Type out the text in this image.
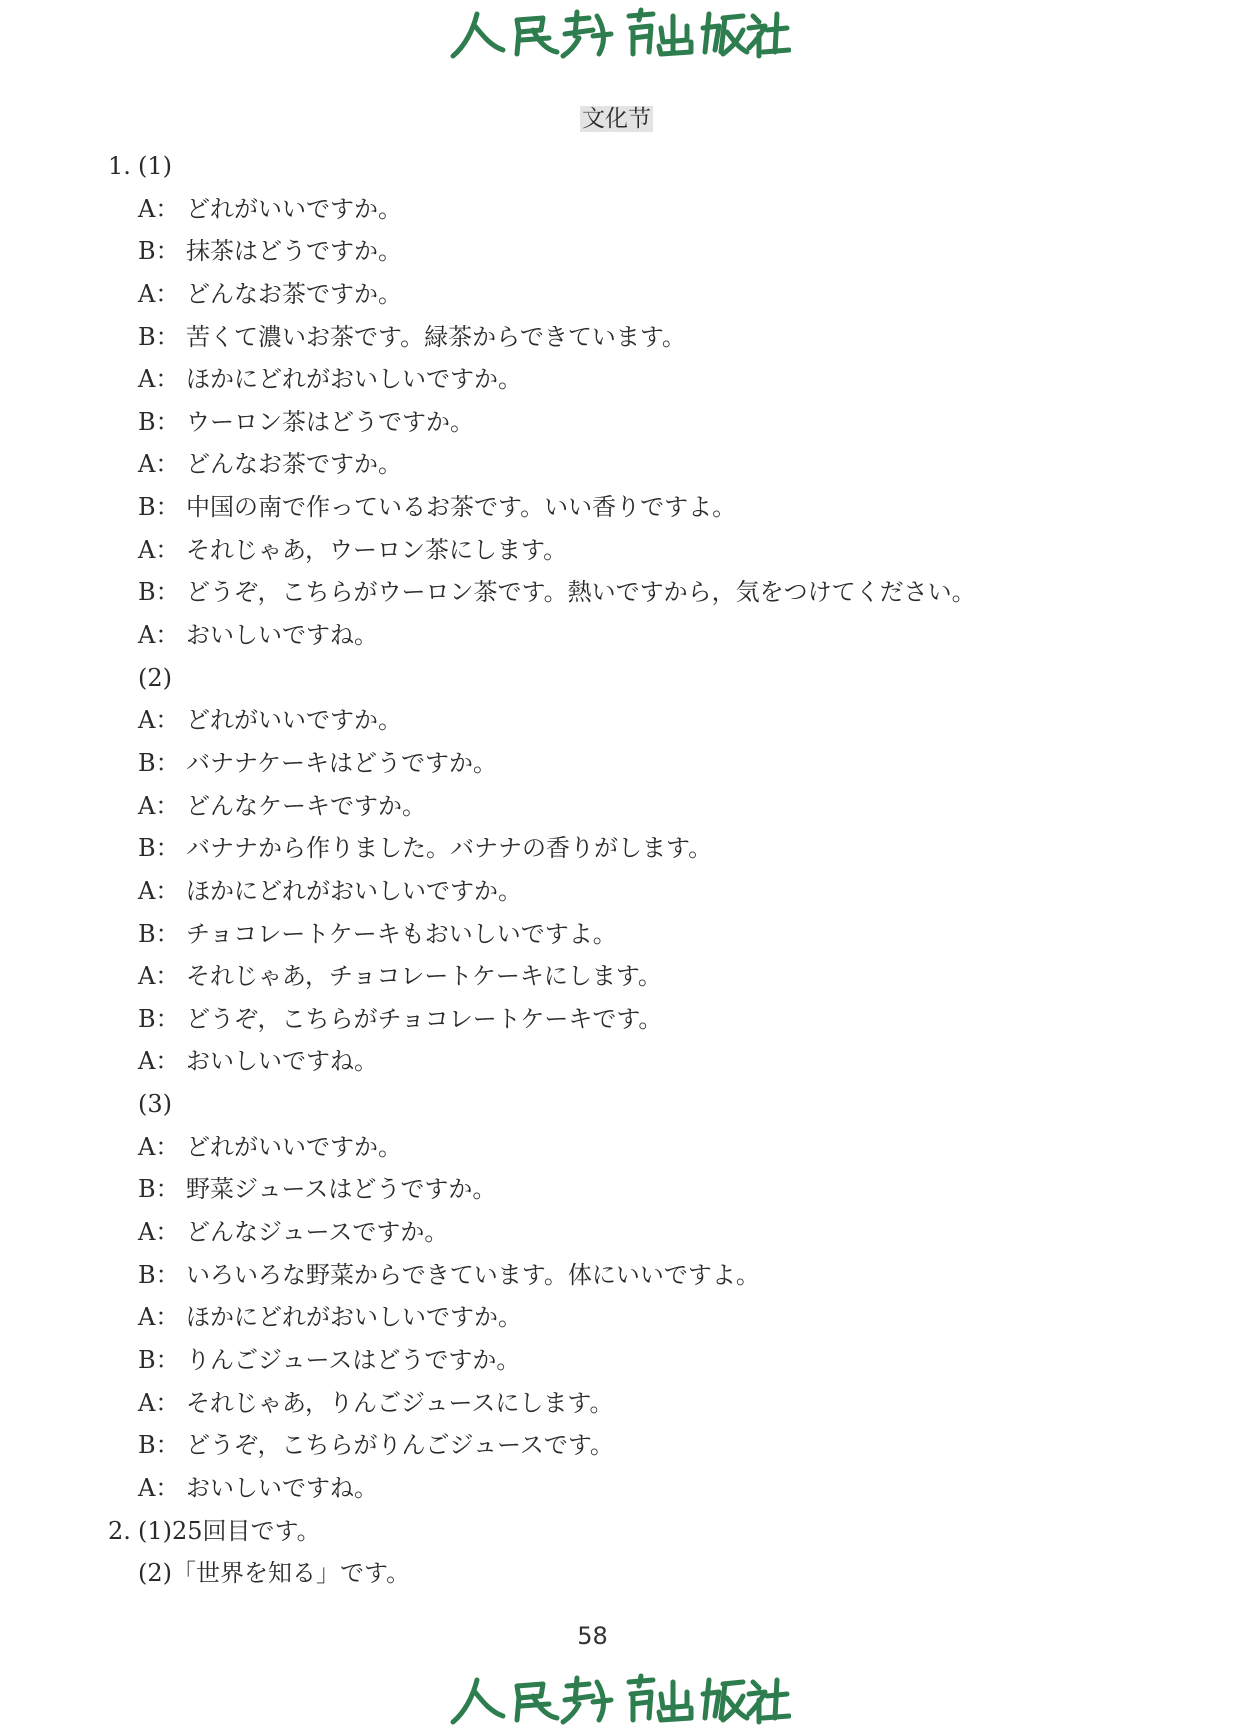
文化节
1. (1)
A： どれがいいですか。
B： 抹茶はどうですか。
A： どんなお茶ですか。
B： 苦くて濃いお茶です。緑茶からできています。
A： ほかにどれがおいしいですか。
B： ウーロン茶はどうですか。
A： どんなお茶ですか。
B： 中国の南で作っているお茶です。いい香りですよ。
A： それじゃあ，ウーロン茶にします。
B： どうぞ，こちらがウーロン茶です。熱いですから，気をつけてください。
A： おいしいですね。
(2)
A： どれがいいですか。
B： バナナケーキはどうですか。
A： どんなケーキですか。
B： バナナから作りました。バナナの香りがします。
A： ほかにどれがおいしいですか。
B： チョコレートケーキもおいしいですよ。
A： それじゃあ，チョコレートケーキにします。
B： どうぞ，こちらがチョコレートケーキです。
A： おいしいですね。
(3)
A： どれがいいですか。
B： 野菜ジュースはどうですか。
A： どんなジュースですか。
B： いろいろな野菜からできています。体にいいですよ。
A： ほかにどれがおいしいですか。
B： りんごジュースはどうですか。
A： それじゃあ，りんごジュースにします。
B： どうぞ，こちらがりんごジュースです。
A： おいしいですね。
2. (1) 25回目です。
(2) 「世界を知る」です。
58
